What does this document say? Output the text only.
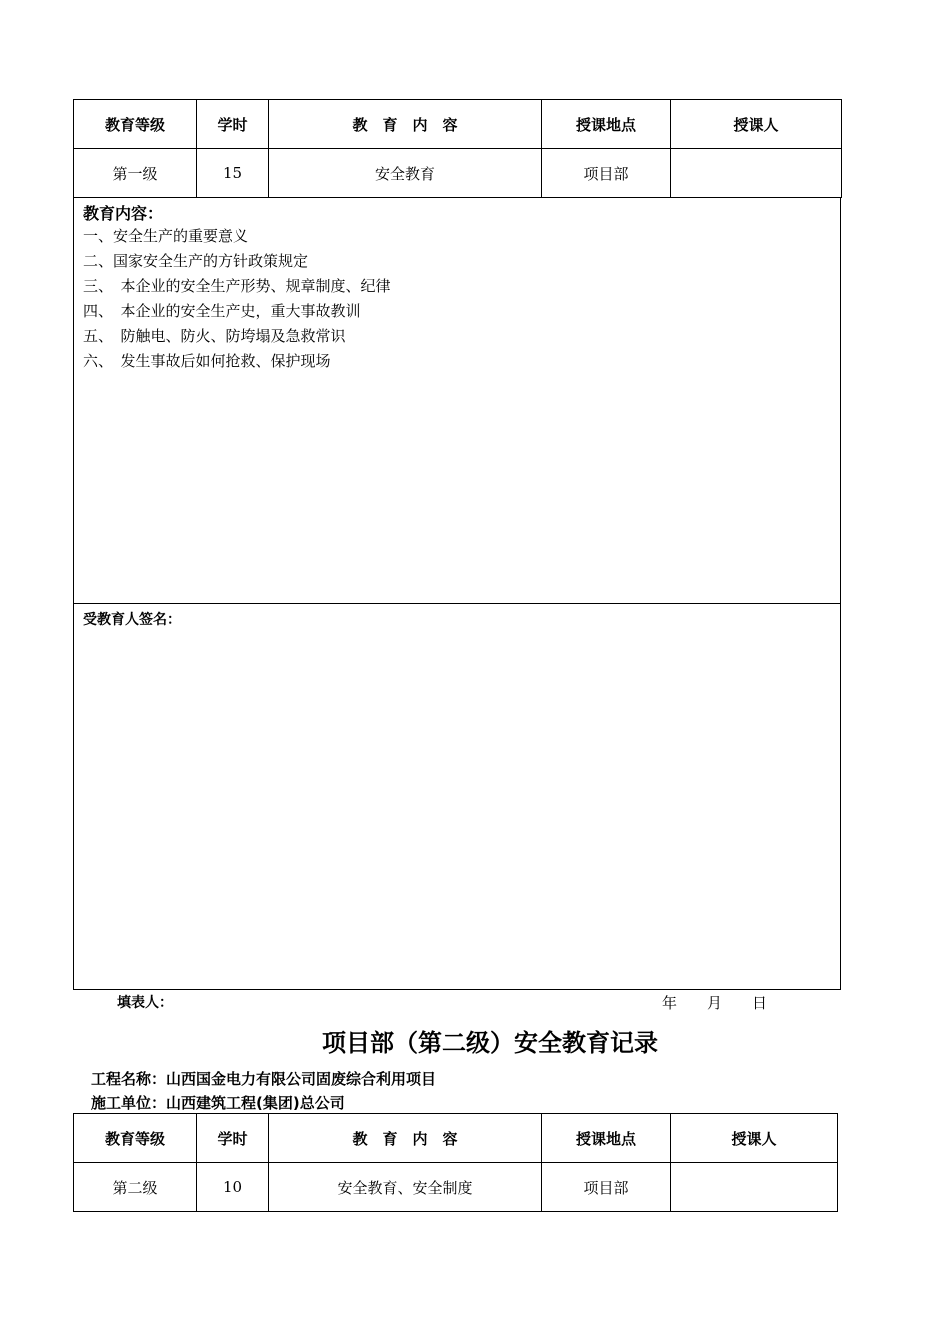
教育等级	学时	教　育　内　容	授课地点	授课人
第一级	15	安全教育	项目部	
教育内容：
一、安全生产的重要意义
二、国家安全生产的方针政策规定
三、　本企业的安全生产形势、规章制度、纪律
四、　本企业的安全生产史，重大事故教训
五、　防触电、防火、防垮塌及急救常识
六、　发生事故后如何抢救、保护现场
受教育人签名：
填表人：	年　　月　　日
项目部（第二级）安全教育记录
工程名称：山西国金电力有限公司固废综合利用项目
施工单位：山西建筑工程(集团)总公司
教育等级	学时	教　育　内　容	授课地点	授课人
第二级	10	安全教育、安全制度	项目部	
